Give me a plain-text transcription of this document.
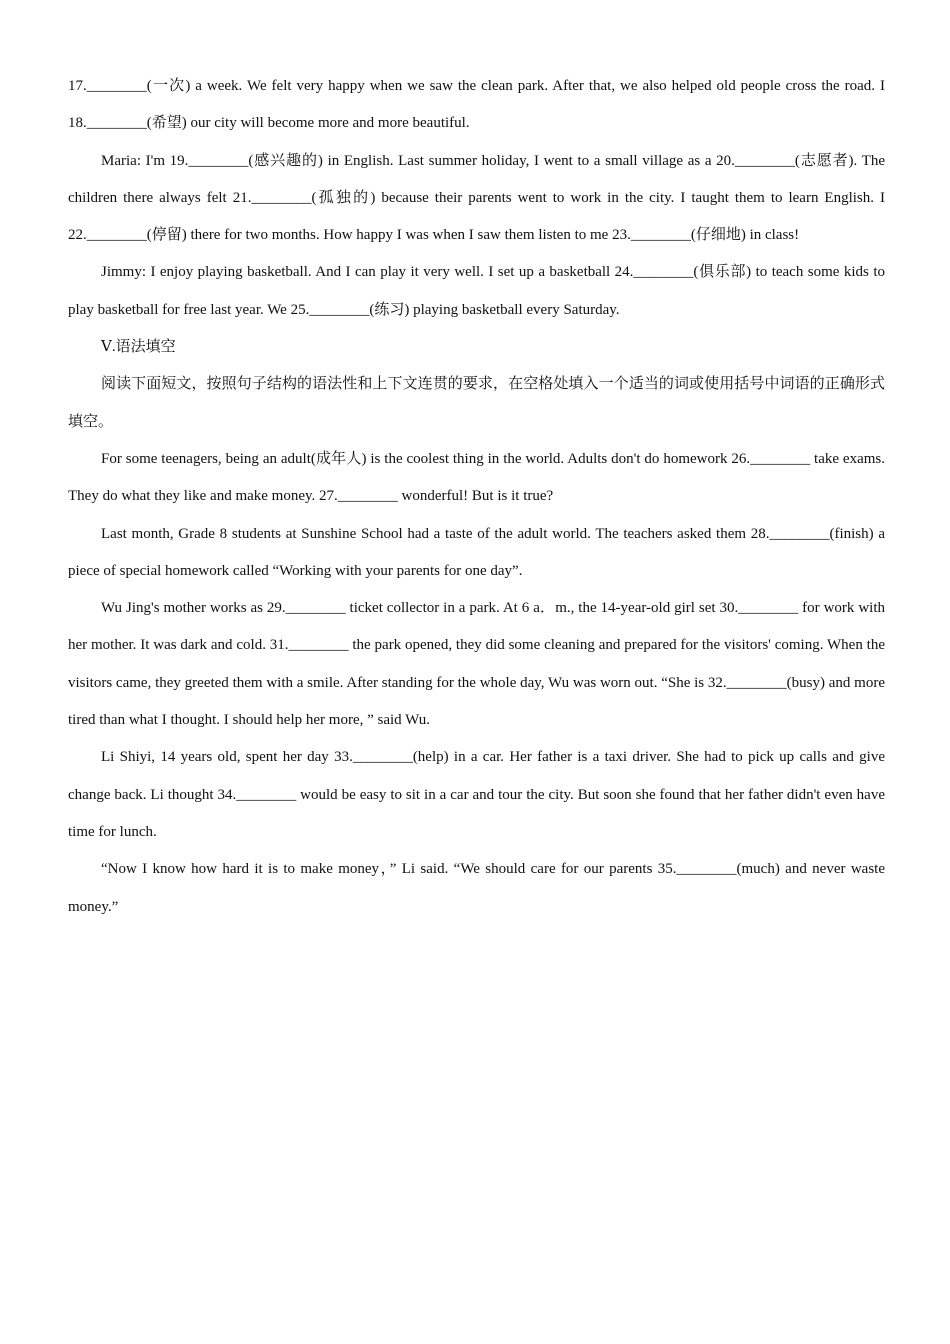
17.________(一次) a week. We felt very happy when we saw the clean park. After that, we also helped old people cross the road. I 18.________(希望) our city will become more and more beautiful.

Maria: I'm 19.________(感兴趣的) in English. Last summer holiday, I went to a small village as a 20.________(志愿者). The children there always felt 21.________(孤独的) because their parents went to work in the city. I taught them to learn English. I 22.________(停留) there for two months. How happy I was when I saw them listen to me 23.________(仔细地) in class!

Jimmy: I enjoy playing basketball. And I can play it very well. I set up a basketball 24.________(俱乐部) to teach some kids to play basketball for free last year. We 25.________(练习) playing basketball every Saturday.

Ⅴ.语法填空

阅读下面短文，按照句子结构的语法性和上下文连贯的要求，在空格处填入一个适当的词或使用括号中词语的正确形式填空。

For some teenagers, being an adult(成年人) is the coolest thing in the world. Adults don't do homework 26.________ take exams. They do what they like and make money. 27.________ wonderful! But is it true?

Last month, Grade 8 students at Sunshine School had a taste of the adult world. The teachers asked them 28.________(finish) a piece of special homework called “Working with your parents for one day”.

Wu Jing's mother works as 29.________ ticket collector in a park. At 6 a．m., the 14-year-old girl set 30.________ for work with her mother. It was dark and cold. 31.________ the park opened, they did some cleaning and prepared for the visitors' coming. When the visitors came, they greeted them with a smile. After standing for the whole day, Wu was worn out. “She is 32.________(busy) and more tired than what I thought. I should help her more, ” said Wu.

Li Shiyi, 14 years old, spent her day 33.________(help) in a car. Her father is a taxi driver. She had to pick up calls and give change back. Li thought 34.________ would be easy to sit in a car and tour the city. But soon she found that her father didn't even have time for lunch.

“Now I know how hard it is to make money，” Li said. “We should care for our parents 35.________(much) and never waste money.”
